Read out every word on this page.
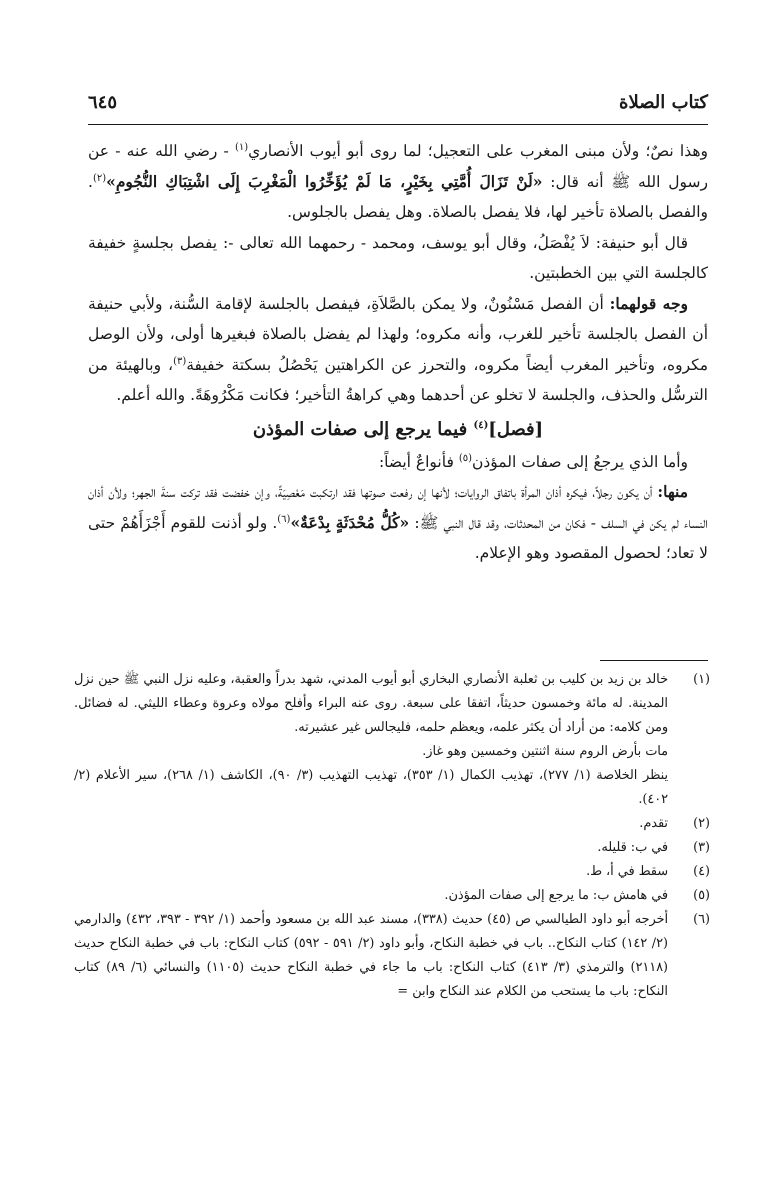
كتاب الصلاة
٦٤٥

وهذا نصٌ؛ ولأن مبنى المغرب على التعجيل؛ لما روى أبو أيوب الأنصاري$^{(١)}$ - رضي الله عنه - عن رسول الله ﷺ أنه قال: «لَنْ تَزَالَ أُمَّتِي بِخَيْرٍ، مَا لَمْ يُؤَخِّرُوا الْمَغْرِبَ إِلَى اشْتِبَاكِ النُّجُومِ»$^{(٢)}$. والفصل بالصلاة تأخير لها، فلا يفصل بالصلاة. وهل يفصل بالجلوس.

قال أبو حنيفة: لاَ يُفْصَلُ، وقال أبو يوسف، ومحمد - رحمهما الله تعالى -: يفصل بجلسةٍ خفيفة كالجلسة التي بين الخطبتين.

وجه قولهما: أن الفصل مَسْنُونٌ، ولا يمكن بالصَّلاَةِ، فيفصل بالجلسة لإقامة السُّنة، ولأبي حنيفة أن الفصل بالجلسة تأخير للغرب، وأنه مكروه؛ ولهذا لم يفضل بالصلاة فبغيرها أولى، ولأن الوصل مكروه، وتأخير المغرب أيضاً مكروه، والتحرز عن الكراهتين يَحْصُلُ بسكتة خفيفة$^{(٣)}$، وبالهيئة من الترسُّل والحذف، والجلسة لا تخلو عن أحدهما وهي كراهةُ التأخير؛ فكانت مَكْرُوهَةً. والله أعلم.

[فصل]$^{(٤)}$ فيما يرجع إلى صفات المؤذن

وأما الذي يرجعُ إلى صفات المؤذن$^{(٥)}$ فأنواعٌ أيضاً:

منها: أن يكون رجلاً، فيكره أذان المرأة باتفاق الروايات؛ لأنها إن رفعت صوتها فقد ارتكبت مَعْصِيَةً، وإن خفضت فقد تركت سنةَ الجهر؛ ولأن أذان النساء لم يكن في السلف - فكان من المحدثات، وقد قال النبي ﷺ: «كُلُّ مُحْدَثَةٍ بِدْعَةٌ»$^{(٦)}$. ولو أذنت للقوم أَجْزَأَهُمْ حتى لا تعاد؛ لحصول المقصود وهو الإعلام.

(١)
خالد بن زيد بن كليب بن ثعلبة الأنصاري البخاري أبو أيوب المدني، شهد بدراً والعقبة، وعليه نزل النبي ﷺ حين نزل المدينة. له مائة وخمسون حديثاً، اتفقا على سبعة. روى عنه البراء وأفلح مولاه وعروة وعطاء الليثي. له فضائل. ومن كلامه: من أراد أن يكثر علمه، ويعظم حلمه، فليجالس غير عشيرته.
مات بأرض الروم سنة اثنتين وخمسين وهو غاز.
ينظر الخلاصة (١/ ٢٧٧)، تهذيب الكمال (١/ ٣٥٣)، تهذيب التهذيب (٣/ ٩٠)، الكاشف (١/ ٢٦٨)، سير الأعلام (٢/ ٤٠٢).
(٢)
تقدم.
(٣)
في ب: قليله.
(٤)
سقط في أ، ط.
(٥)
في هامش ب: ما يرجع إلى صفات المؤذن.
(٦)
أخرجه أبو داود الطيالسي ص (٤٥) حديث (٣٣٨)، مسند عبد الله بن مسعود وأحمد (١/ ٣٩٢ - ٣٩٣، ٤٣٢) والدارمي (٢/ ١٤٢) كتاب النكاح.. باب في خطبة النكاح، وأبو داود (٢/ ٥٩١ - ٥٩٢) كتاب النكاح: باب في خطبة النكاح حديث (٢١١٨) والترمذي (٣/ ٤١٣) كتاب النكاح: باب ما جاء في خطبة النكاح حديث (١١٠٥) والنسائي (٦/ ٨٩) كتاب النكاح: باب ما يستحب من الكلام عند النكاح وابن =
